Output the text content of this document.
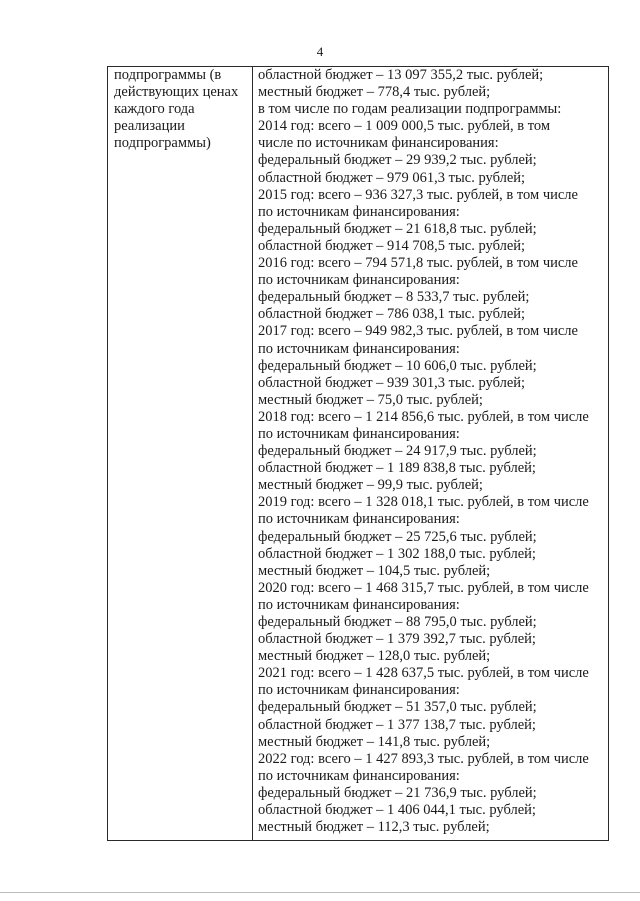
4
подпрограммы (в
действующих ценах
каждого года
реализации
подпрограммы)
областной бюджет – 13 097 355,2 тыс. рублей;
местный бюджет – 778,4 тыс. рублей;
в том числе по годам реализации подпрограммы:
2014 год: всего – 1 009 000,5 тыс. рублей, в том
числе по источникам финансирования:
федеральный бюджет – 29 939,2 тыс. рублей;
областной бюджет – 979 061,3 тыс. рублей;
2015 год: всего – 936 327,3 тыс. рублей, в том числе
по источникам финансирования:
федеральный бюджет – 21 618,8 тыс. рублей;
областной бюджет – 914 708,5 тыс. рублей;
2016 год: всего – 794 571,8 тыс. рублей, в том числе
по источникам финансирования:
федеральный бюджет – 8 533,7 тыс. рублей;
областной бюджет – 786 038,1 тыс. рублей;
2017 год: всего – 949 982,3 тыс. рублей, в том числе
по источникам финансирования:
федеральный бюджет – 10 606,0 тыс. рублей;
областной бюджет – 939 301,3 тыс. рублей;
местный бюджет – 75,0 тыс. рублей;
2018 год: всего – 1 214 856,6 тыс. рублей, в том числе
по источникам финансирования:
федеральный бюджет – 24 917,9 тыс. рублей;
областной бюджет – 1 189 838,8 тыс. рублей;
местный бюджет – 99,9 тыс. рублей;
2019 год: всего – 1 328 018,1 тыс. рублей, в том числе
по источникам финансирования:
федеральный бюджет – 25 725,6 тыс. рублей;
областной бюджет – 1 302 188,0 тыс. рублей;
местный бюджет – 104,5 тыс. рублей;
2020 год: всего – 1 468 315,7 тыс. рублей, в том числе
по источникам финансирования:
федеральный бюджет – 88 795,0 тыс. рублей;
областной бюджет – 1 379 392,7 тыс. рублей;
местный бюджет – 128,0 тыс. рублей;
2021 год: всего – 1 428 637,5 тыс. рублей, в том числе
по источникам финансирования:
федеральный бюджет – 51 357,0 тыс. рублей;
областной бюджет – 1 377 138,7 тыс. рублей;
местный бюджет – 141,8 тыс. рублей;
2022 год: всего – 1 427 893,3 тыс. рублей, в том числе
по источникам финансирования:
федеральный бюджет – 21 736,9 тыс. рублей;
областной бюджет – 1 406 044,1 тыс. рублей;
местный бюджет – 112,3 тыс. рублей;
